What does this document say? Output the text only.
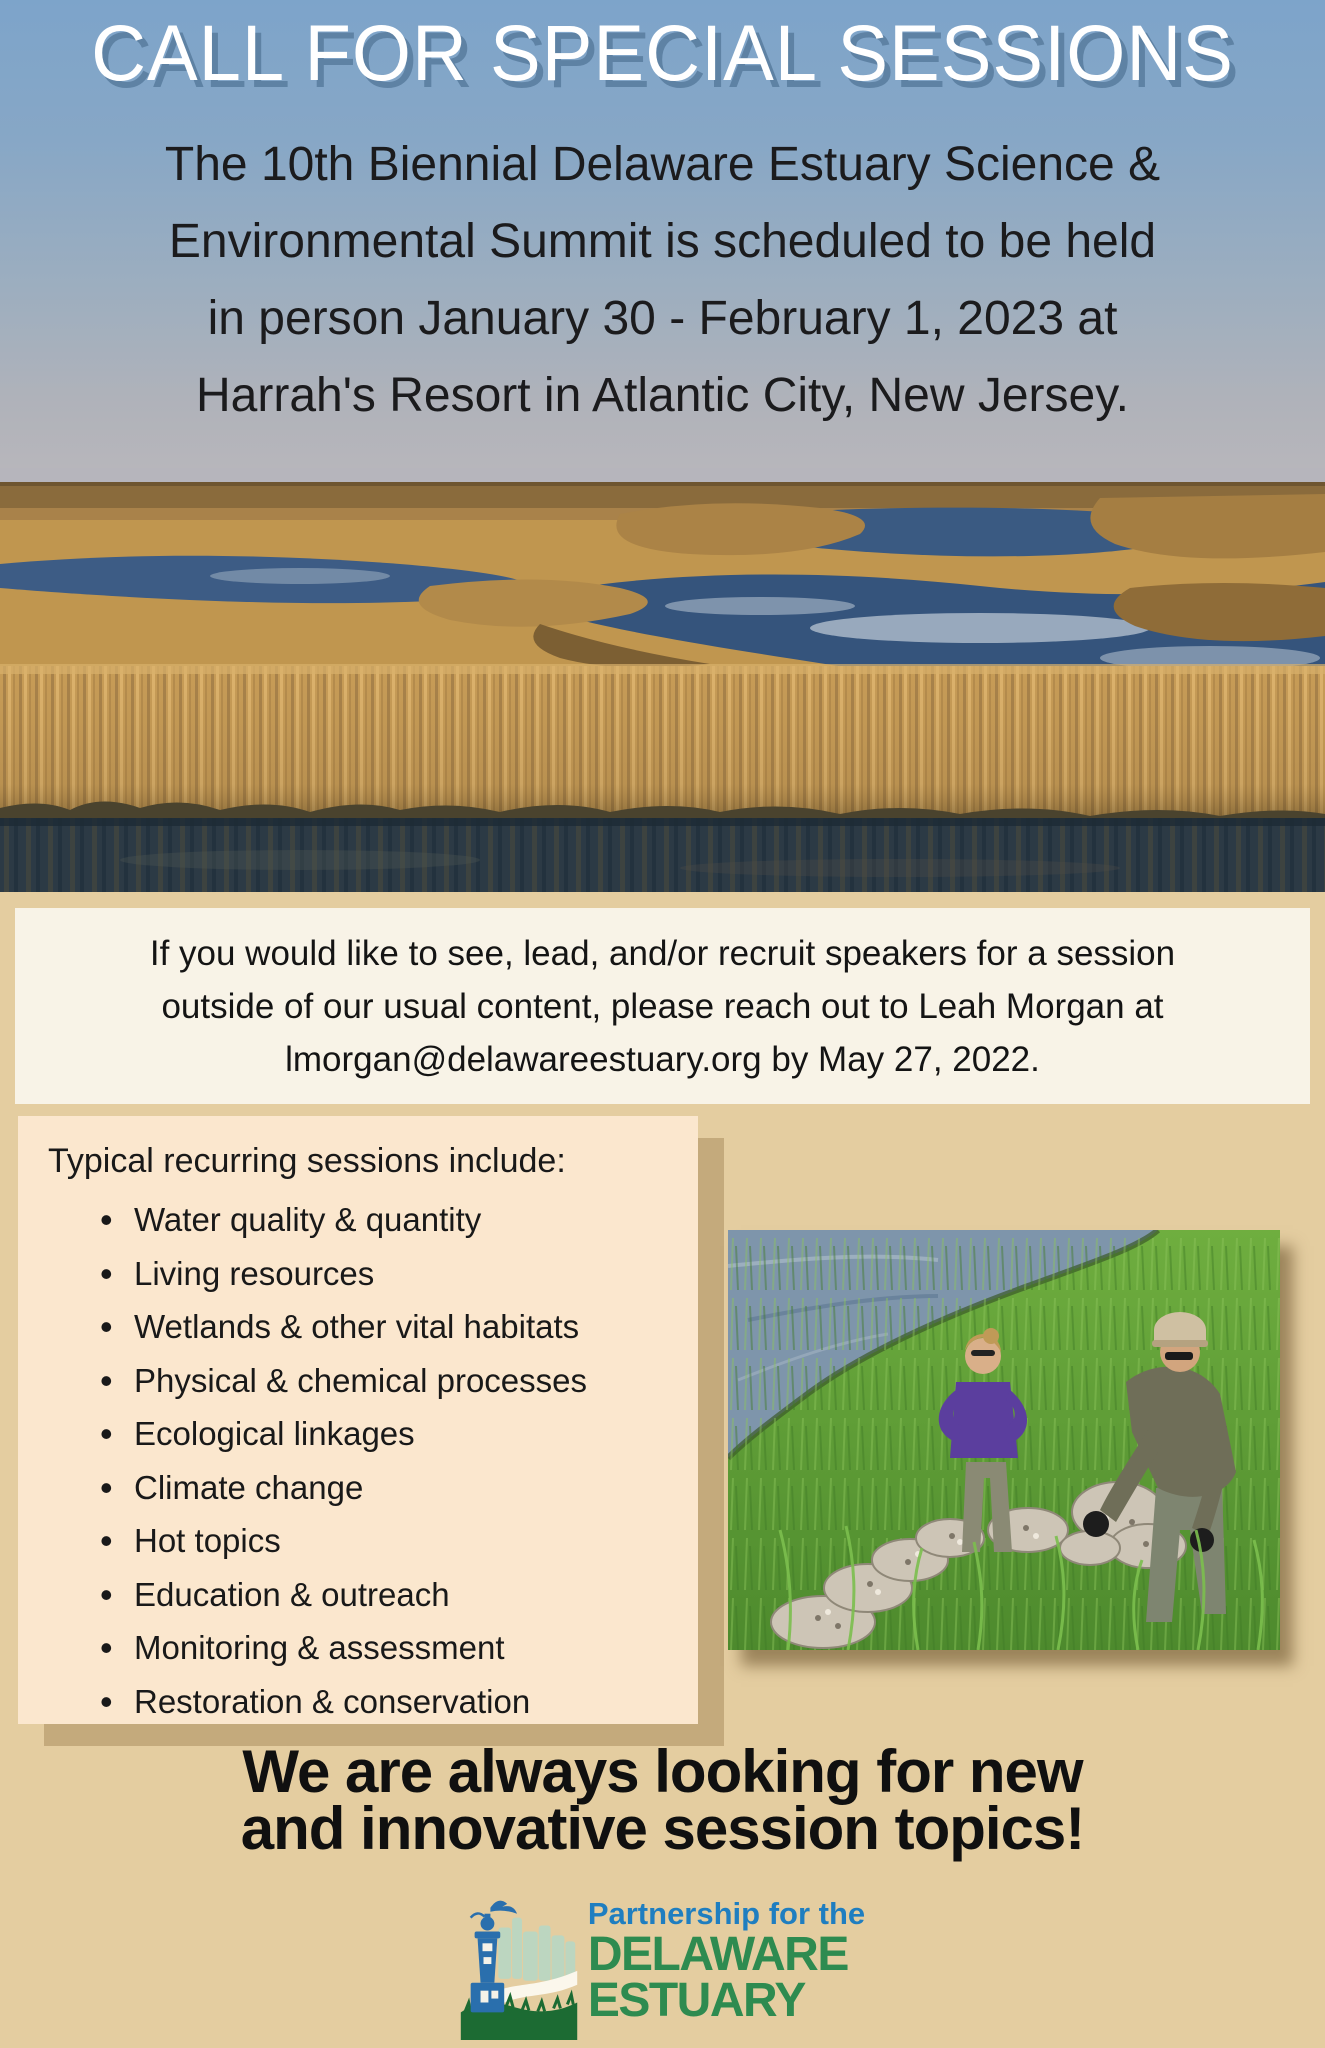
CALL FOR SPECIAL SESSIONS
The 10th Biennial Delaware Estuary Science &
Environmental Summit is scheduled to be held
in person January 30 - February 1, 2023 at
Harrah's Resort in Atlantic City, New Jersey.
If you would like to see, lead, and/or recruit speakers for a session
outside of our usual content, please reach out to Leah Morgan at
lmorgan@delawareestuary.org by May 27, 2022.
Typical recurring sessions include:
• Water quality & quantity
• Living resources
• Wetlands & other vital habitats
• Physical & chemical processes
• Ecological linkages
• Climate change
• Hot topics
• Education & outreach
• Monitoring & assessment
• Restoration & conservation
We are always looking for new
and innovative session topics!
Partnership for the
DELAWARE
ESTUARY
